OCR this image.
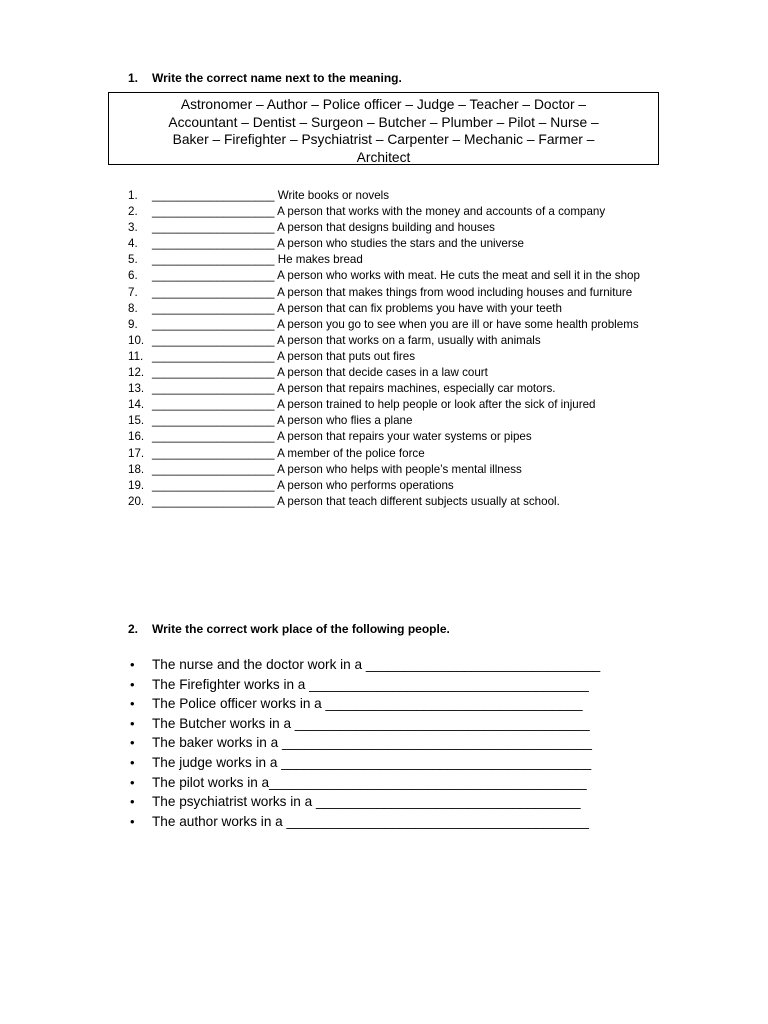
1. Write the correct name next to the meaning.
Astronomer – Author – Police officer – Judge – Teacher – Doctor –
Accountant – Dentist – Surgeon – Butcher – Plumber – Pilot – Nurse –
Baker – Firefighter – Psychiatrist – Carpenter – Mechanic – Farmer –
Architect
1.	___________________ Write books or novels
2.	___________________ A person that works with the money and accounts of a company
3.	___________________ A person that designs building and houses
4.	___________________ A person who studies the stars and the universe
5.	___________________ He makes bread
6.	___________________ A person who works with meat. He cuts the meat and sell it in the shop
7.	___________________ A person that makes things from wood including houses and furniture
8.	___________________ A person that can fix problems you have with your teeth
9.	___________________ A person you go to see when you are ill or have some health problems
10. ___________________ A person that works on a farm, usually with animals
11. ___________________ A person that puts out fires
12. ___________________ A person that decide cases in a law court
13. ___________________ A person that repairs machines, especially car motors.
14. ___________________ A person trained to help people or look after the sick of injured
15. ___________________ A person who flies a plane
16. ___________________ A person that repairs your water systems or pipes
17. ___________________ A member of the police force
18. ___________________ A person who helps with people’s mental illness
19. ___________________ A person who performs operations
20. ___________________ A person that teach different subjects usually at school.
2. Write the correct work place of the following people.
• The nurse and the doctor work in a _______________________________
• The Firefighter works in a _____________________________________
• The Police officer works in a __________________________________
• The Butcher works in a _______________________________________
• The baker works in a _________________________________________
• The judge works in a _________________________________________
• The pilot works in a__________________________________________
• The psychiatrist works in a ___________________________________
• The author works in a ________________________________________
